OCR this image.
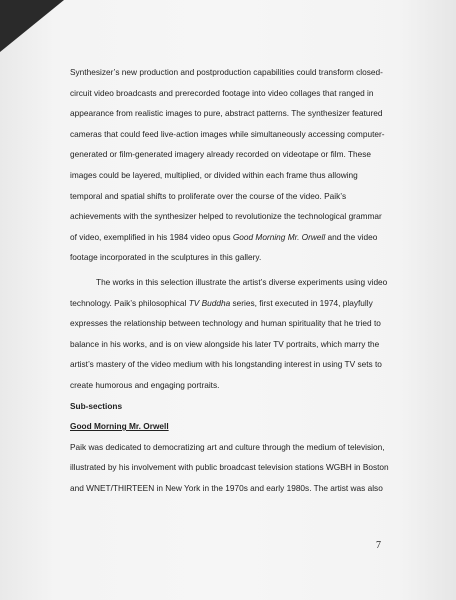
Synthesizer’s new production and postproduction capabilities could transform closed-circuit video broadcasts and prerecorded footage into video collages that ranged in appearance from realistic images to pure, abstract patterns. The synthesizer featured cameras that could feed live-action images while simultaneously accessing computer-generated or film-generated imagery already recorded on videotape or film. These images could be layered, multiplied, or divided within each frame thus allowing temporal and spatial shifts to proliferate over the course of the video. Paik’s achievements with the synthesizer helped to revolutionize the technological grammar of video, exemplified in his 1984 video opus Good Morning Mr. Orwell and the video footage incorporated in the sculptures in this gallery.

The works in this selection illustrate the artist’s diverse experiments using video technology. Paik’s philosophical TV Buddha series, first executed in 1974, playfully expresses the relationship between technology and human spirituality that he tried to balance in his works, and is on view alongside his later TV portraits, which marry the artist’s mastery of the video medium with his longstanding interest in using TV sets to create humorous and engaging portraits.

Sub-sections

Good Morning Mr. Orwell

Paik was dedicated to democratizing art and culture through the medium of television, illustrated by his involvement with public broadcast television stations WGBH in Boston and WNET/THIRTEEN in New York in the 1970s and early 1980s. The artist was also

7
